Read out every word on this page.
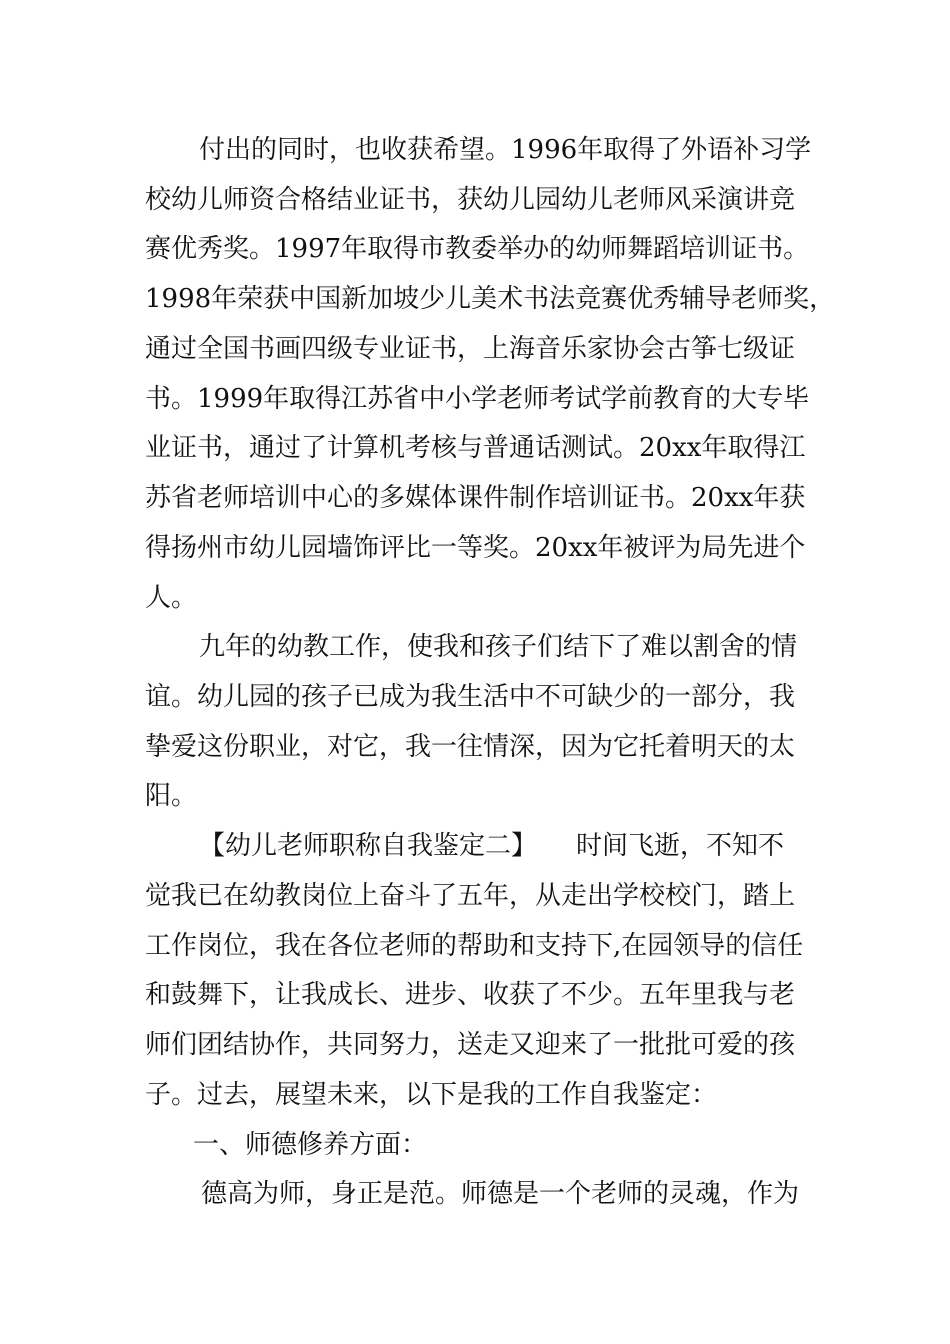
付出的同时，也收获希望。1996年取得了外语补习学
校幼儿师资合格结业证书，获幼儿园幼儿老师风采演讲竞
赛优秀奖。1997年取得市教委举办的幼师舞蹈培训证书。
1998年荣获中国新加坡少儿美术书法竞赛优秀辅导老师奖，
通过全国书画四级专业证书，上海音乐家协会古筝七级证
书。1999年取得江苏省中小学老师考试学前教育的大专毕
业证书，通过了计算机考核与普通话测试。20xx年取得江
苏省老师培训中心的多媒体课件制作培训证书。20xx年获
得扬州市幼儿园墙饰评比一等奖。20xx年被评为局先进个
人。
九年的幼教工作，使我和孩子们结下了难以割舍的情
谊。幼儿园的孩子已成为我生活中不可缺少的一部分，我
挚爱这份职业，对它，我一往情深，因为它托着明天的太
阳。
【幼儿老师职称自我鉴定二】　　时间飞逝，不知不
觉我已在幼教岗位上奋斗了五年，从走出学校校门，踏上
工作岗位，我在各位老师的帮助和支持下,在园领导的信任
和鼓舞下，让我成长、进步、收获了不少。五年里我与老
师们团结协作，共同努力，送走又迎来了一批批可爱的孩
子。过去，展望未来，以下是我的工作自我鉴定：
一、师德修养方面：
德高为师，身正是范。师德是一个老师的灵魂，作为
